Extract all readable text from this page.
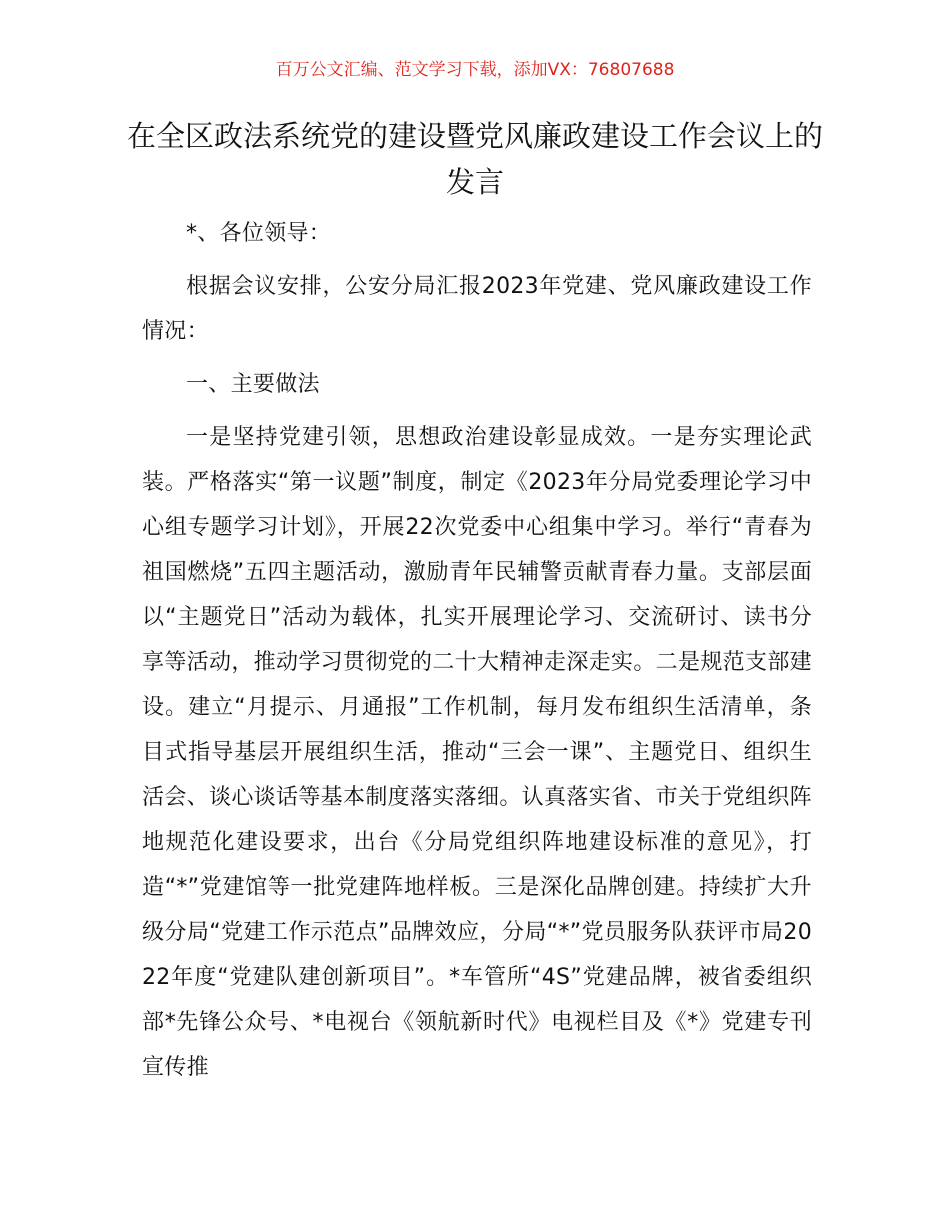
百万公文汇编、范文学习下载，添加VX：76807688
在全区政法系统党的建设暨党风廉政建设工作会议上的发言

*、各位领导：

根据会议安排，公安分局汇报2023年党建、党风廉政建设工作情况：

一、主要做法

一是坚持党建引领，思想政治建设彰显成效。一是夯实理论武装。严格落实“第一议题”制度，制定《2023年分局党委理论学习中心组专题学习计划》，开展22次党委中心组集中学习。举行“青春为祖国燃烧”五四主题活动，激励青年民辅警贡献青春力量。支部层面以“主题党日”活动为载体，扎实开展理论学习、交流研讨、读书分享等活动，推动学习贯彻党的二十大精神走深走实。二是规范支部建设。建立“月提示、月通报”工作机制，每月发布组织生活清单，条目式指导基层开展组织生活，推动“三会一课”、主题党日、组织生活会、谈心谈话等基本制度落实落细。认真落实省、市关于党组织阵地规范化建设要求，出台《分局党组织阵地建设标准的意见》，打造“*”党建馆等一批党建阵地样板。三是深化品牌创建。持续扩大升级分局“党建工作示范点”品牌效应，分局“*”党员服务队获评市局2022年度“党建队建创新项目”。*车管所“4S”党建品牌，被省委组织部*先锋公众号、*电视台《领航新时代》电视栏目及《*》党建专刊宣传推
